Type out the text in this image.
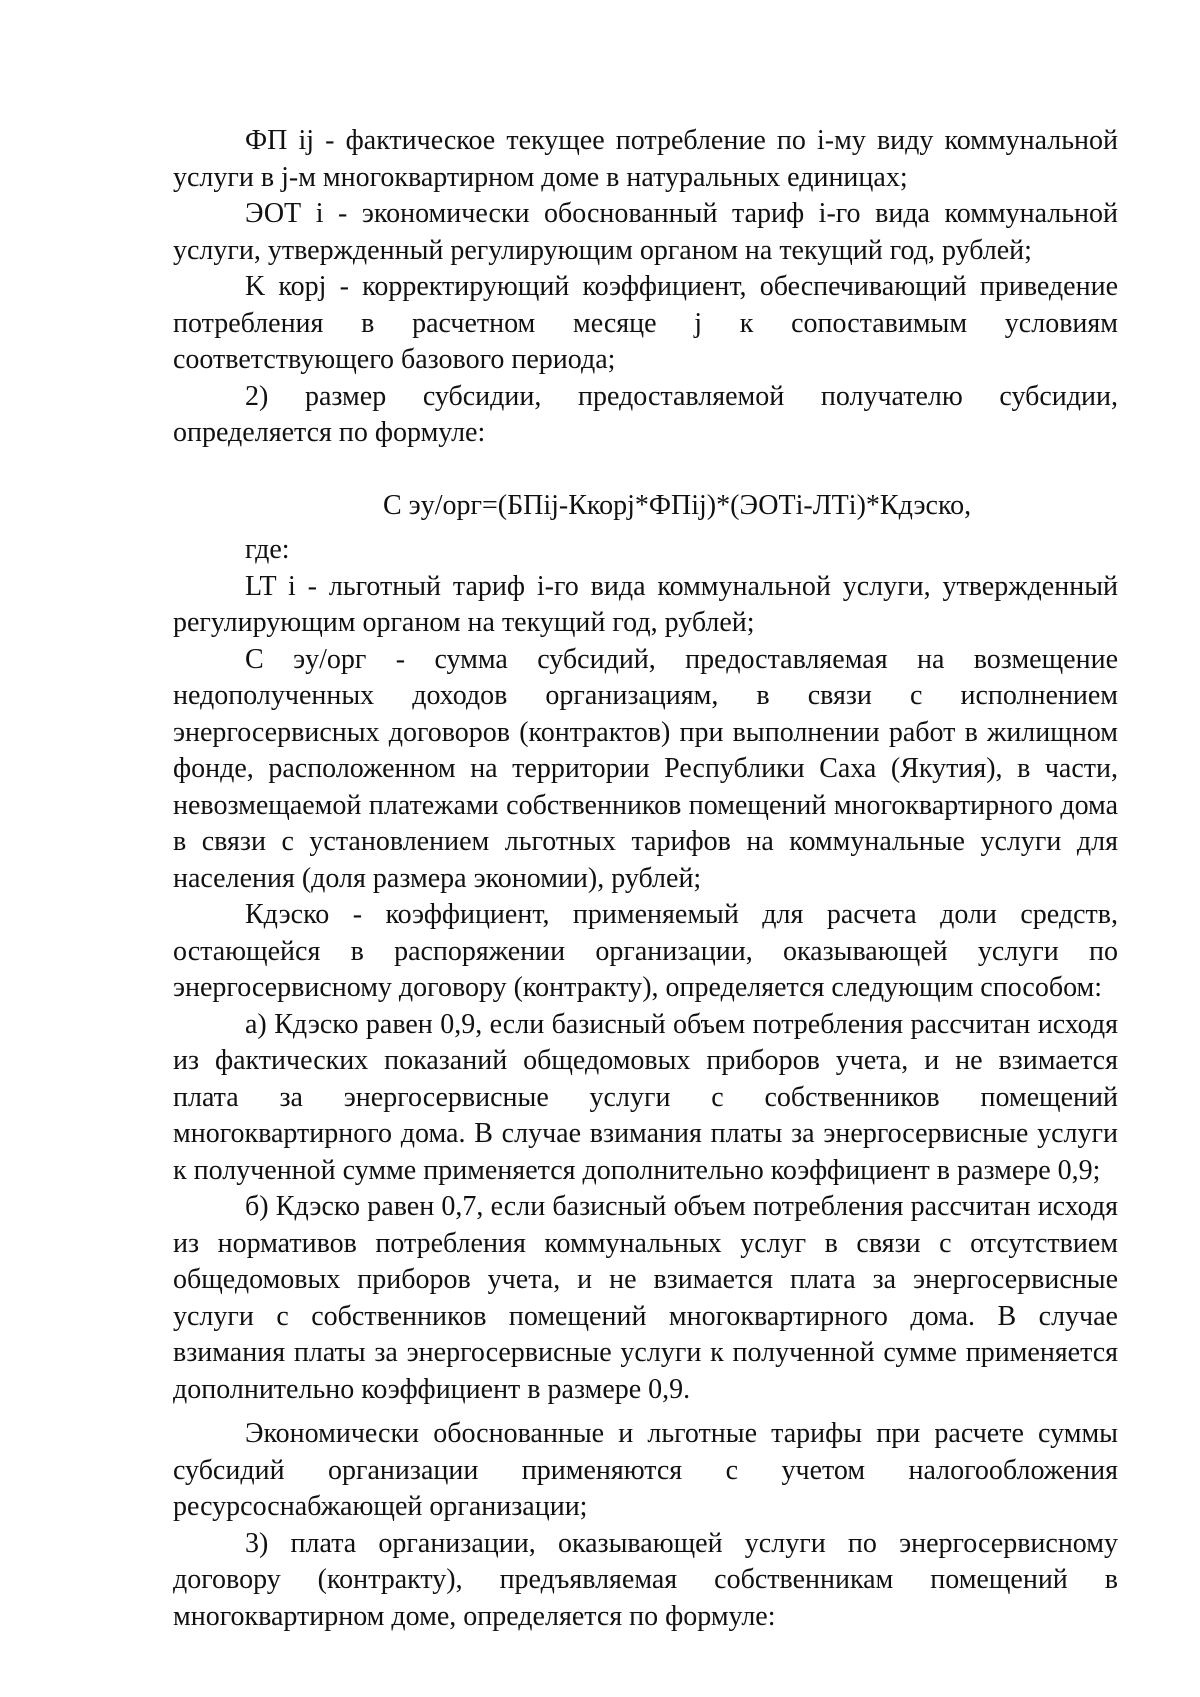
ФП ij - фактическое текущее потребление по i-му виду коммунальной услуги в j-м многоквартирном доме в натуральных единицах;

ЭОТ i - экономически обоснованный тариф i-го вида коммунальной услуги, утвержденный регулирующим органом на текущий год, рублей;

K корj - корректирующий коэффициент, обеспечивающий приведение потребления в расчетном месяце j к сопоставимым условиям соответствующего базового периода;

2) размер субсидии, предоставляемой получателю субсидии, определяется по формуле:

С эу/орг=(БПij-Ккорj*ФПij)*(ЭОТi-ЛТi)*Кдэско,

где:

LT i - льготный тариф i-го вида коммунальной услуги, утвержденный регулирующим органом на текущий год, рублей;

С эу/орг - сумма субсидий, предоставляемая на возмещение недополученных доходов организациям, в связи с исполнением энергосервисных договоров (контрактов) при выполнении работ в жилищном фонде, расположенном на территории Республики Саха (Якутия), в части, невозмещаемой платежами собственников помещений многоквартирного дома в связи с установлением льготных тарифов на коммунальные услуги для населения (доля размера экономии), рублей;

Кдэско - коэффициент, применяемый для расчета доли средств, остающейся в распоряжении организации, оказывающей услуги по энергосервисному договору (контракту), определяется следующим способом:

а) Кдэско равен 0,9, если базисный объем потребления рассчитан исходя из фактических показаний общедомовых приборов учета, и не взимается плата за энергосервисные услуги с собственников помещений многоквартирного дома. В случае взимания платы за энергосервисные услуги к полученной сумме применяется дополнительно коэффициент в размере 0,9;

б) Кдэско равен 0,7, если базисный объем потребления рассчитан исходя из нормативов потребления коммунальных услуг в связи с отсутствием общедомовых приборов учета, и не взимается плата за энергосервисные услуги с собственников помещений многоквартирного дома. В случае взимания платы за энергосервисные услуги к полученной сумме применяется дополнительно коэффициент в размере 0,9.

Экономически обоснованные и льготные тарифы при расчете суммы субсидий организации применяются с учетом налогообложения ресурсоснабжающей организации;

3) плата организации, оказывающей услуги по энергосервисному договору (контракту), предъявляемая собственникам помещений в многоквартирном доме, определяется по формуле:
